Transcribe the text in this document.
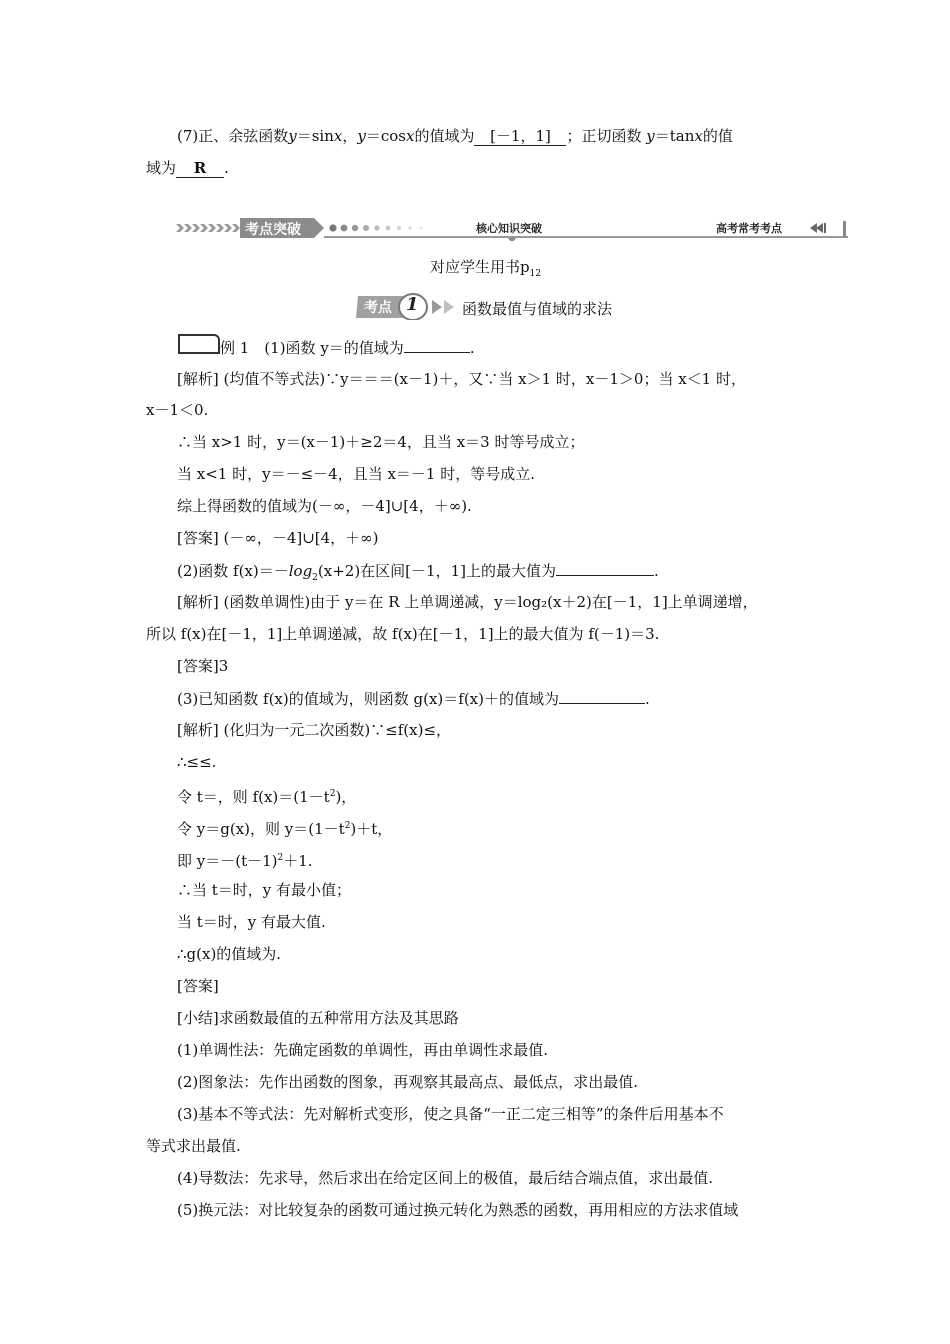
(7)正、余弦函数y＝sinx，y＝cosx的值域为 [－1，1] ；正切函数 y＝tanx的值
域为 R .
考点突破	核心知识突破	高考常考考点
对应学生用书$p_{12}$
考点 1	函数最值与值域的求法
例 1　(1)函数 y＝的值域为	.
[解析] (均值不等式法)∵y＝＝＝(x－1)＋，又∵当 x＞1 时，x－1＞0；当 x＜1 时，
x－1＜0.
∴当 x>1 时，y＝(x－1)＋≥2＝4，且当 x＝3 时等号成立；
当 x<1 时，y＝－≤－4，且当 x＝－1 时，等号成立.
综上得函数的值域为(－∞，－4]∪[4，＋∞).
[答案] (－∞，－4]∪[4，＋∞)
(2)函数 $f(x)=-\log_2(x+2)$在区间[－1，1]上的最大值为	.
[解析] (函数单调性)由于 y＝在 R 上单调递减，y＝log₂(x＋2)在[－1，1]上单调递增，
所以 f(x)在[－1，1]上单调递减，故 f(x)在[－1，1]上的最大值为 f(－1)＝3.
[答案]3
(3)已知函数 f(x)的值域为，则函数 g(x)＝f(x)＋的值域为	.
[解析] (化归为一元二次函数)∵≤f(x)≤，
∴≤≤.
令 t＝，则 $f(x)=(1-t^2)$，
令 y＝g(x)，则 $y=(1-t^2)+t$，
即 $y=-(t-1)^2+1$.
∴当 t＝时，y 有最小值；
当 t＝时，y 有最大值.
∴g(x)的值域为.
[答案]
[小结]求函数最值的五种常用方法及其思路
(1)单调性法：先确定函数的单调性，再由单调性求最值.
(2)图象法：先作出函数的图象，再观察其最高点、最低点，求出最值.
(3)基本不等式法：先对解析式变形，使之具备“一正二定三相等”的条件后用基本不
等式求出最值.
(4)导数法：先求导，然后求出在给定区间上的极值，最后结合端点值，求出最值.
(5)换元法：对比较复杂的函数可通过换元转化为熟悉的函数，再用相应的方法求值域
